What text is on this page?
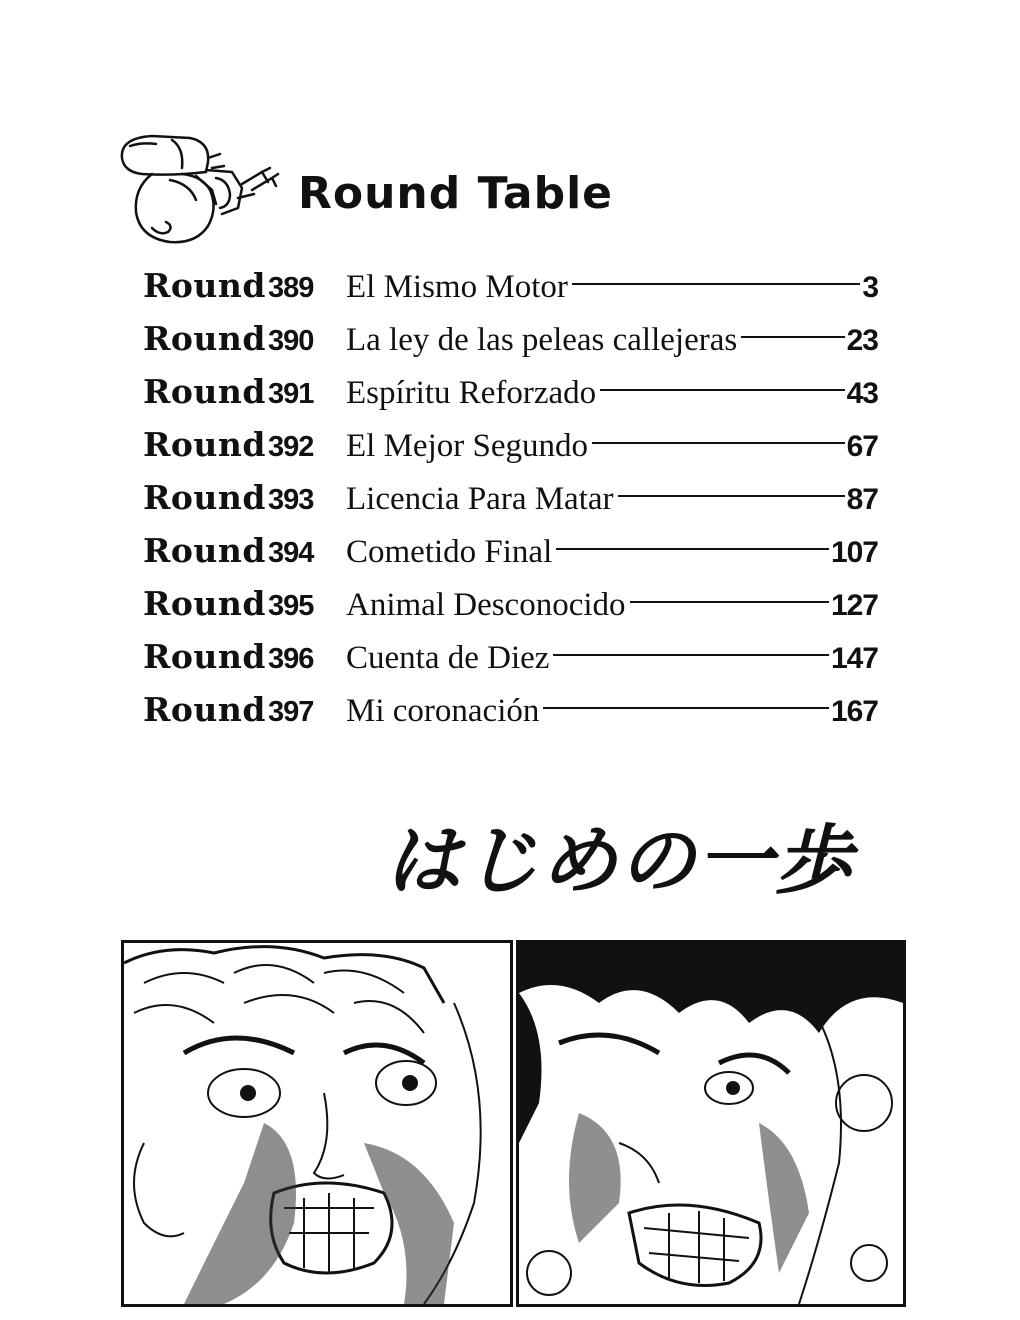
Round Table
Round 389 El Mismo Motor	3
Round 390 La ley de las peleas callejeras	23
Round 391 Espíritu Reforzado	43
Round 392 El Mejor Segundo	67
Round 393 Licencia Para Matar	87
Round 394 Cometido Final	107
Round 395 Animal Desconocido	127
Round 396 Cuenta de Diez	147
Round 397 Mi coronación	167
はじめの一歩
